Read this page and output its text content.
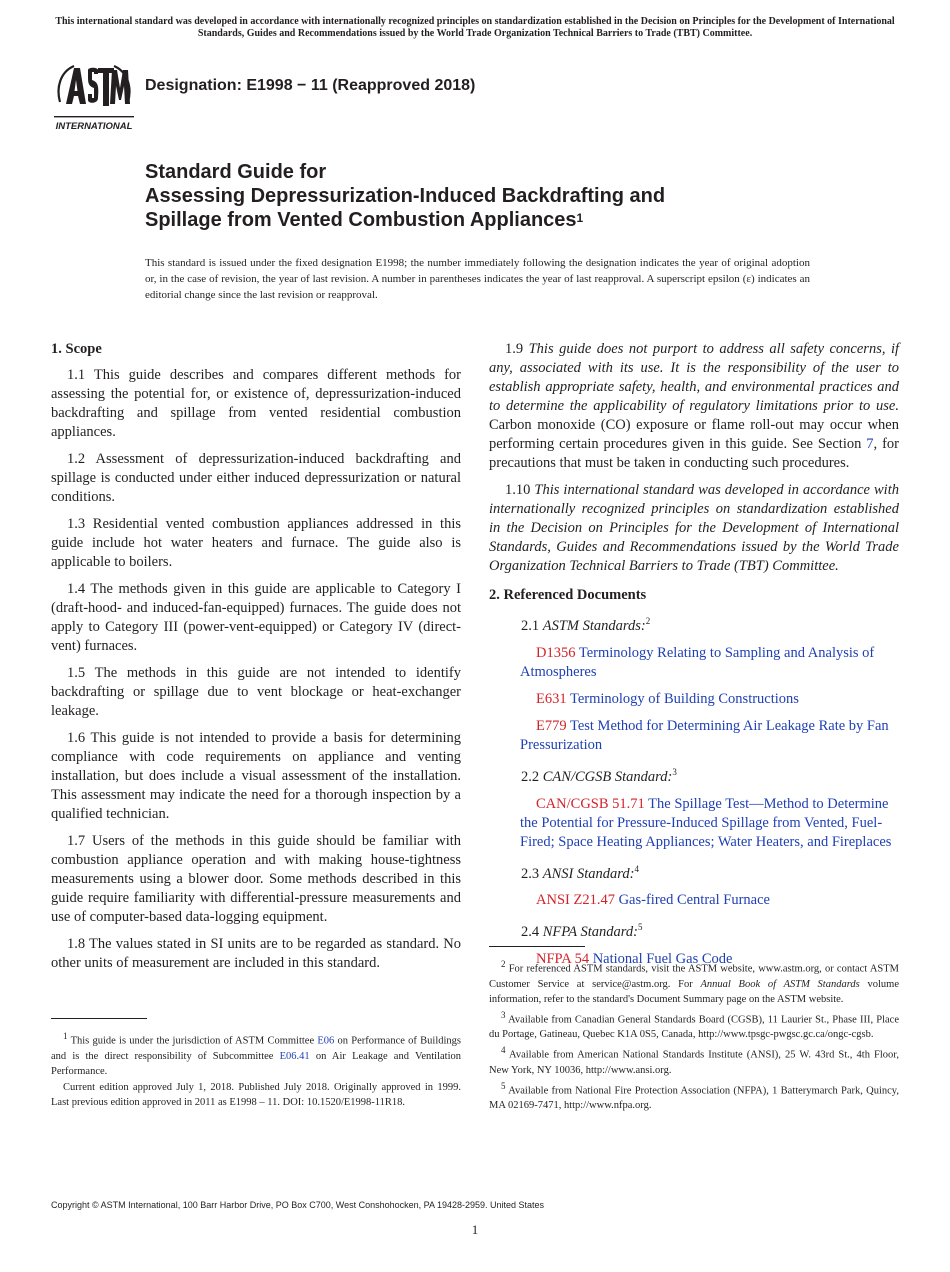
This international standard was developed in accordance with internationally recognized principles on standardization established in the Decision on Principles for the Development of International Standards, Guides and Recommendations issued by the World Trade Organization Technical Barriers to Trade (TBT) Committee.
INTERNATIONAL
Designation: E1998 − 11 (Reapproved 2018)
Standard Guide for
Assessing Depressurization-Induced Backdrafting and
Spillage from Vented Combustion Appliances$^1$
This standard is issued under the fixed designation E1998; the number immediately following the designation indicates the year of original adoption or, in the case of revision, the year of last revision. A number in parentheses indicates the year of last reapproval. A superscript epsilon (ε) indicates an editorial change since the last revision or reapproval.
1. Scope

1.1 This guide describes and compares different methods for assessing the potential for, or existence of, depressurization-induced backdrafting and spillage from vented residential combustion appliances.

1.2 Assessment of depressurization-induced backdrafting and spillage is conducted under either induced depressurization or natural conditions.

1.3 Residential vented combustion appliances addressed in this guide include hot water heaters and furnace. The guide also is applicable to boilers.

1.4 The methods given in this guide are applicable to Category I (draft-hood- and induced-fan-equipped) furnaces. The guide does not apply to Category III (power-vent-equipped) or Category IV (direct-vent) furnaces.

1.5 The methods in this guide are not intended to identify backdrafting or spillage due to vent blockage or heat-exchanger leakage.

1.6 This guide is not intended to provide a basis for determining compliance with code requirements on appliance and venting installation, but does include a visual assessment of the installation. This assessment may indicate the need for a thorough inspection by a qualified technician.

1.7 Users of the methods in this guide should be familiar with combustion appliance operation and with making house-tightness measurements using a blower door. Some methods described in this guide require familiarity with differential-pressure measurements and use of computer-based data-logging equipment.

1.8 The values stated in SI units are to be regarded as standard. No other units of measurement are included in this standard.

$^1$ This guide is under the jurisdiction of ASTM Committee E06 on Performance of Buildings and is the direct responsibility of Subcommittee E06.41 on Air Leakage and Ventilation Performance.

Current edition approved July 1, 2018. Published July 2018. Originally approved in 1999. Last previous edition approved in 2011 as E1998 – 11. DOI: 10.1520/E1998-11R18.

1.9 This guide does not purport to address all safety concerns, if any, associated with its use. It is the responsibility of the user to establish appropriate safety, health, and environmental practices and to determine the applicability of regulatory limitations prior to use. Carbon monoxide (CO) exposure or flame roll-out may occur when performing certain procedures given in this guide. See Section 7, for precautions that must be taken in conducting such procedures.

1.10 This international standard was developed in accordance with internationally recognized principles on standardization established in the Decision on Principles for the Development of International Standards, Guides and Recommendations issued by the World Trade Organization Technical Barriers to Trade (TBT) Committee.

2. Referenced Documents

2.1 ASTM Standards:$^2$

D1356 Terminology Relating to Sampling and Analysis of Atmospheres

E631 Terminology of Building Constructions

E779 Test Method for Determining Air Leakage Rate by Fan Pressurization

2.2 CAN/CGSB Standard:$^3$

CAN/CGSB 51.71 The Spillage Test—Method to Determine the Potential for Pressure-Induced Spillage from Vented, Fuel-Fired; Space Heating Appliances; Water Heaters, and Fireplaces

2.3 ANSI Standard:$^4$

ANSI Z21.47 Gas-fired Central Furnace

2.4 NFPA Standard:$^5$

NFPA 54 National Fuel Gas Code

$^2$ For referenced ASTM standards, visit the ASTM website, www.astm.org, or contact ASTM Customer Service at service@astm.org. For Annual Book of ASTM Standards volume information, refer to the standard's Document Summary page on the ASTM website.

$^3$ Available from Canadian General Standards Board (CGSB), 11 Laurier St., Phase III, Place du Portage, Gatineau, Quebec K1A 0S5, Canada, http://www.tpsgc-pwgsc.gc.ca/ongc-cgsb.

$^4$ Available from American National Standards Institute (ANSI), 25 W. 43rd St., 4th Floor, New York, NY 10036, http://www.ansi.org.

$^5$ Available from National Fire Protection Association (NFPA), 1 Batterymarch Park, Quincy, MA 02169-7471, http://www.nfpa.org.

Copyright © ASTM International, 100 Barr Harbor Drive, PO Box C700, West Conshohocken, PA 19428-2959. United States
1
